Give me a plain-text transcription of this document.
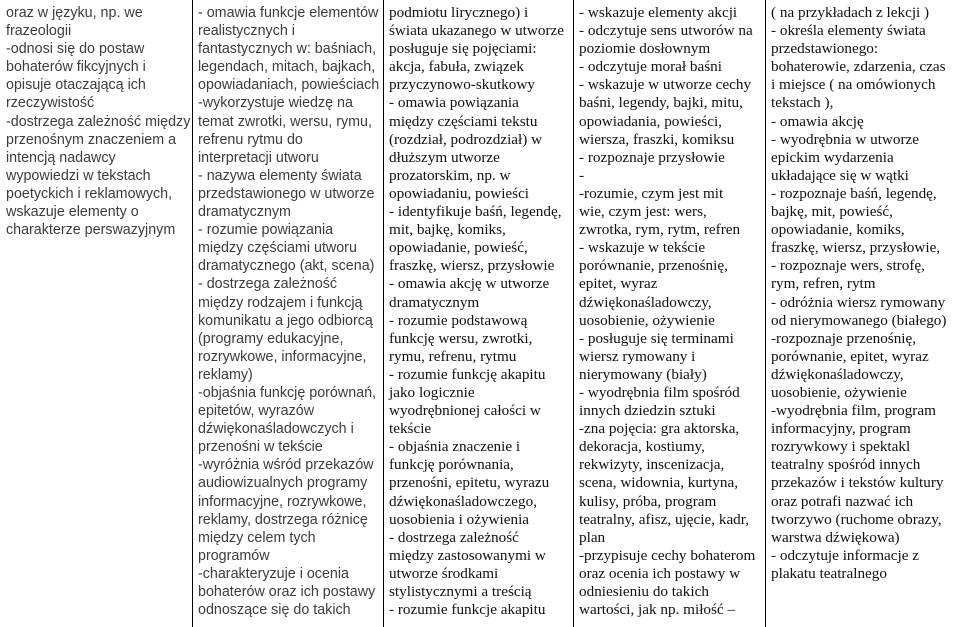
oraz w języku, np. we
frazeologii
-odnosi się do postaw
bohaterów fikcyjnych i
opisuje otaczającą ich
rzeczywistość
-dostrzega zależność między
przenośnym znaczeniem a
intencją nadawcy
wypowiedzi w tekstach
poetyckich i reklamowych,
wskazuje elementy o
charakterze perswazyjnym
- omawia funkcje elementów
realistycznych i
fantastycznych w: baśniach,
legendach, mitach, bajkach,
opowiadaniach, powieściach
-wykorzystuje wiedzę na
temat zwrotki, wersu, rymu,
refrenu rytmu do
interpretacji utworu
- nazywa elementy świata
przedstawionego w utworze
dramatycznym
- rozumie powiązania
między częściami utworu
dramatycznego (akt, scena)
- dostrzega zależność
między rodzajem i funkcją
komunikatu a jego odbiorcą
(programy edukacyjne,
rozrywkowe, informacyjne,
reklamy)
-objaśnia funkcję porównań,
epitetów, wyrazów
dźwiękonaśladowczych i
przenośni w tekście
-wyróżnia wśród przekazów
audiowizualnych programy
informacyjne, rozrywkowe,
reklamy, dostrzega różnicę
między celem tych
programów
-charakteryzuje i ocenia
bohaterów oraz ich postawy
odnoszące się do takich
podmiotu lirycznego) i
świata ukazanego w utworze
posługuje się pojęciami:
akcja, fabuła, związek
przyczynowo-skutkowy
- omawia powiązania
między częściami tekstu
(rozdział, podrozdział) w
dłuższym utworze
prozatorskim, np. w
opowiadaniu, powieści
- identyfikuje baśń, legendę,
mit, bajkę, komiks,
opowiadanie, powieść,
fraszkę, wiersz, przysłowie
- omawia akcję w utworze
dramatycznym
- rozumie podstawową
funkcję wersu, zwrotki,
rymu, refrenu, rytmu
- rozumie funkcję akapitu
jako logicznie
wyodrębnionej całości w
tekście
- objaśnia znaczenie i
funkcję porównania,
przenośni, epitetu, wyrazu
dźwiękonaśladowczego,
uosobienia i ożywienia
- dostrzega zależność
między zastosowanymi w
utworze środkami
stylistycznymi a treścią
- rozumie funkcje akapitu
- wskazuje elementy akcji
- odczytuje sens utworów na
poziomie dosłownym
- odczytuje morał baśni
- wskazuje w utworze cechy
baśni, legendy, bajki, mitu,
opowiadania, powieści,
wiersza, fraszki, komiksu
- rozpoznaje przysłowie
-
-rozumie, czym jest mit
wie, czym jest: wers,
zwrotka, rym, rytm, refren
- wskazuje w tekście
porównanie, przenośnię,
epitet, wyraz
dźwiękonaśladowczy,
uosobienie, ożywienie
- posługuje się terminami
wiersz rymowany i
nierymowany (biały)
- wyodrębnia film spośród
innych dziedzin sztuki
-zna pojęcia: gra aktorska,
dekoracja, kostiumy,
rekwizyty, inscenizacja,
scena, widownia, kurtyna,
kulisy, próba, program
teatralny, afisz, ujęcie, kadr,
plan
-przypisuje cechy bohaterom
oraz ocenia ich postawy w
odniesieniu do takich
wartości, jak np. miłość –
( na przykładach z lekcji )
- określa elementy świata
przedstawionego:
bohaterowie, zdarzenia, czas
i miejsce ( na omówionych
tekstach ),
- omawia akcję
- wyodrębnia w utworze
epickim wydarzenia
układające się w wątki
- rozpoznaje baśń, legendę,
bajkę, mit, powieść,
opowiadanie, komiks,
fraszkę, wiersz, przysłowie,
- rozpoznaje wers, strofę,
rym, refren, rytm
- odróżnia wiersz rymowany
od nierymowanego (białego)
-rozpoznaje przenośnię,
porównanie, epitet, wyraz
dźwiękonaśladowczy,
uosobienie, ożywienie
-wyodrębnia film, program
informacyjny, program
rozrywkowy i spektakl
teatralny spośród innych
przekazów i tekstów kultury
oraz potrafi nazwać ich
tworzywo (ruchome obrazy,
warstwa dźwiękowa)
- odczytuje informacje z
plakatu teatralnego
